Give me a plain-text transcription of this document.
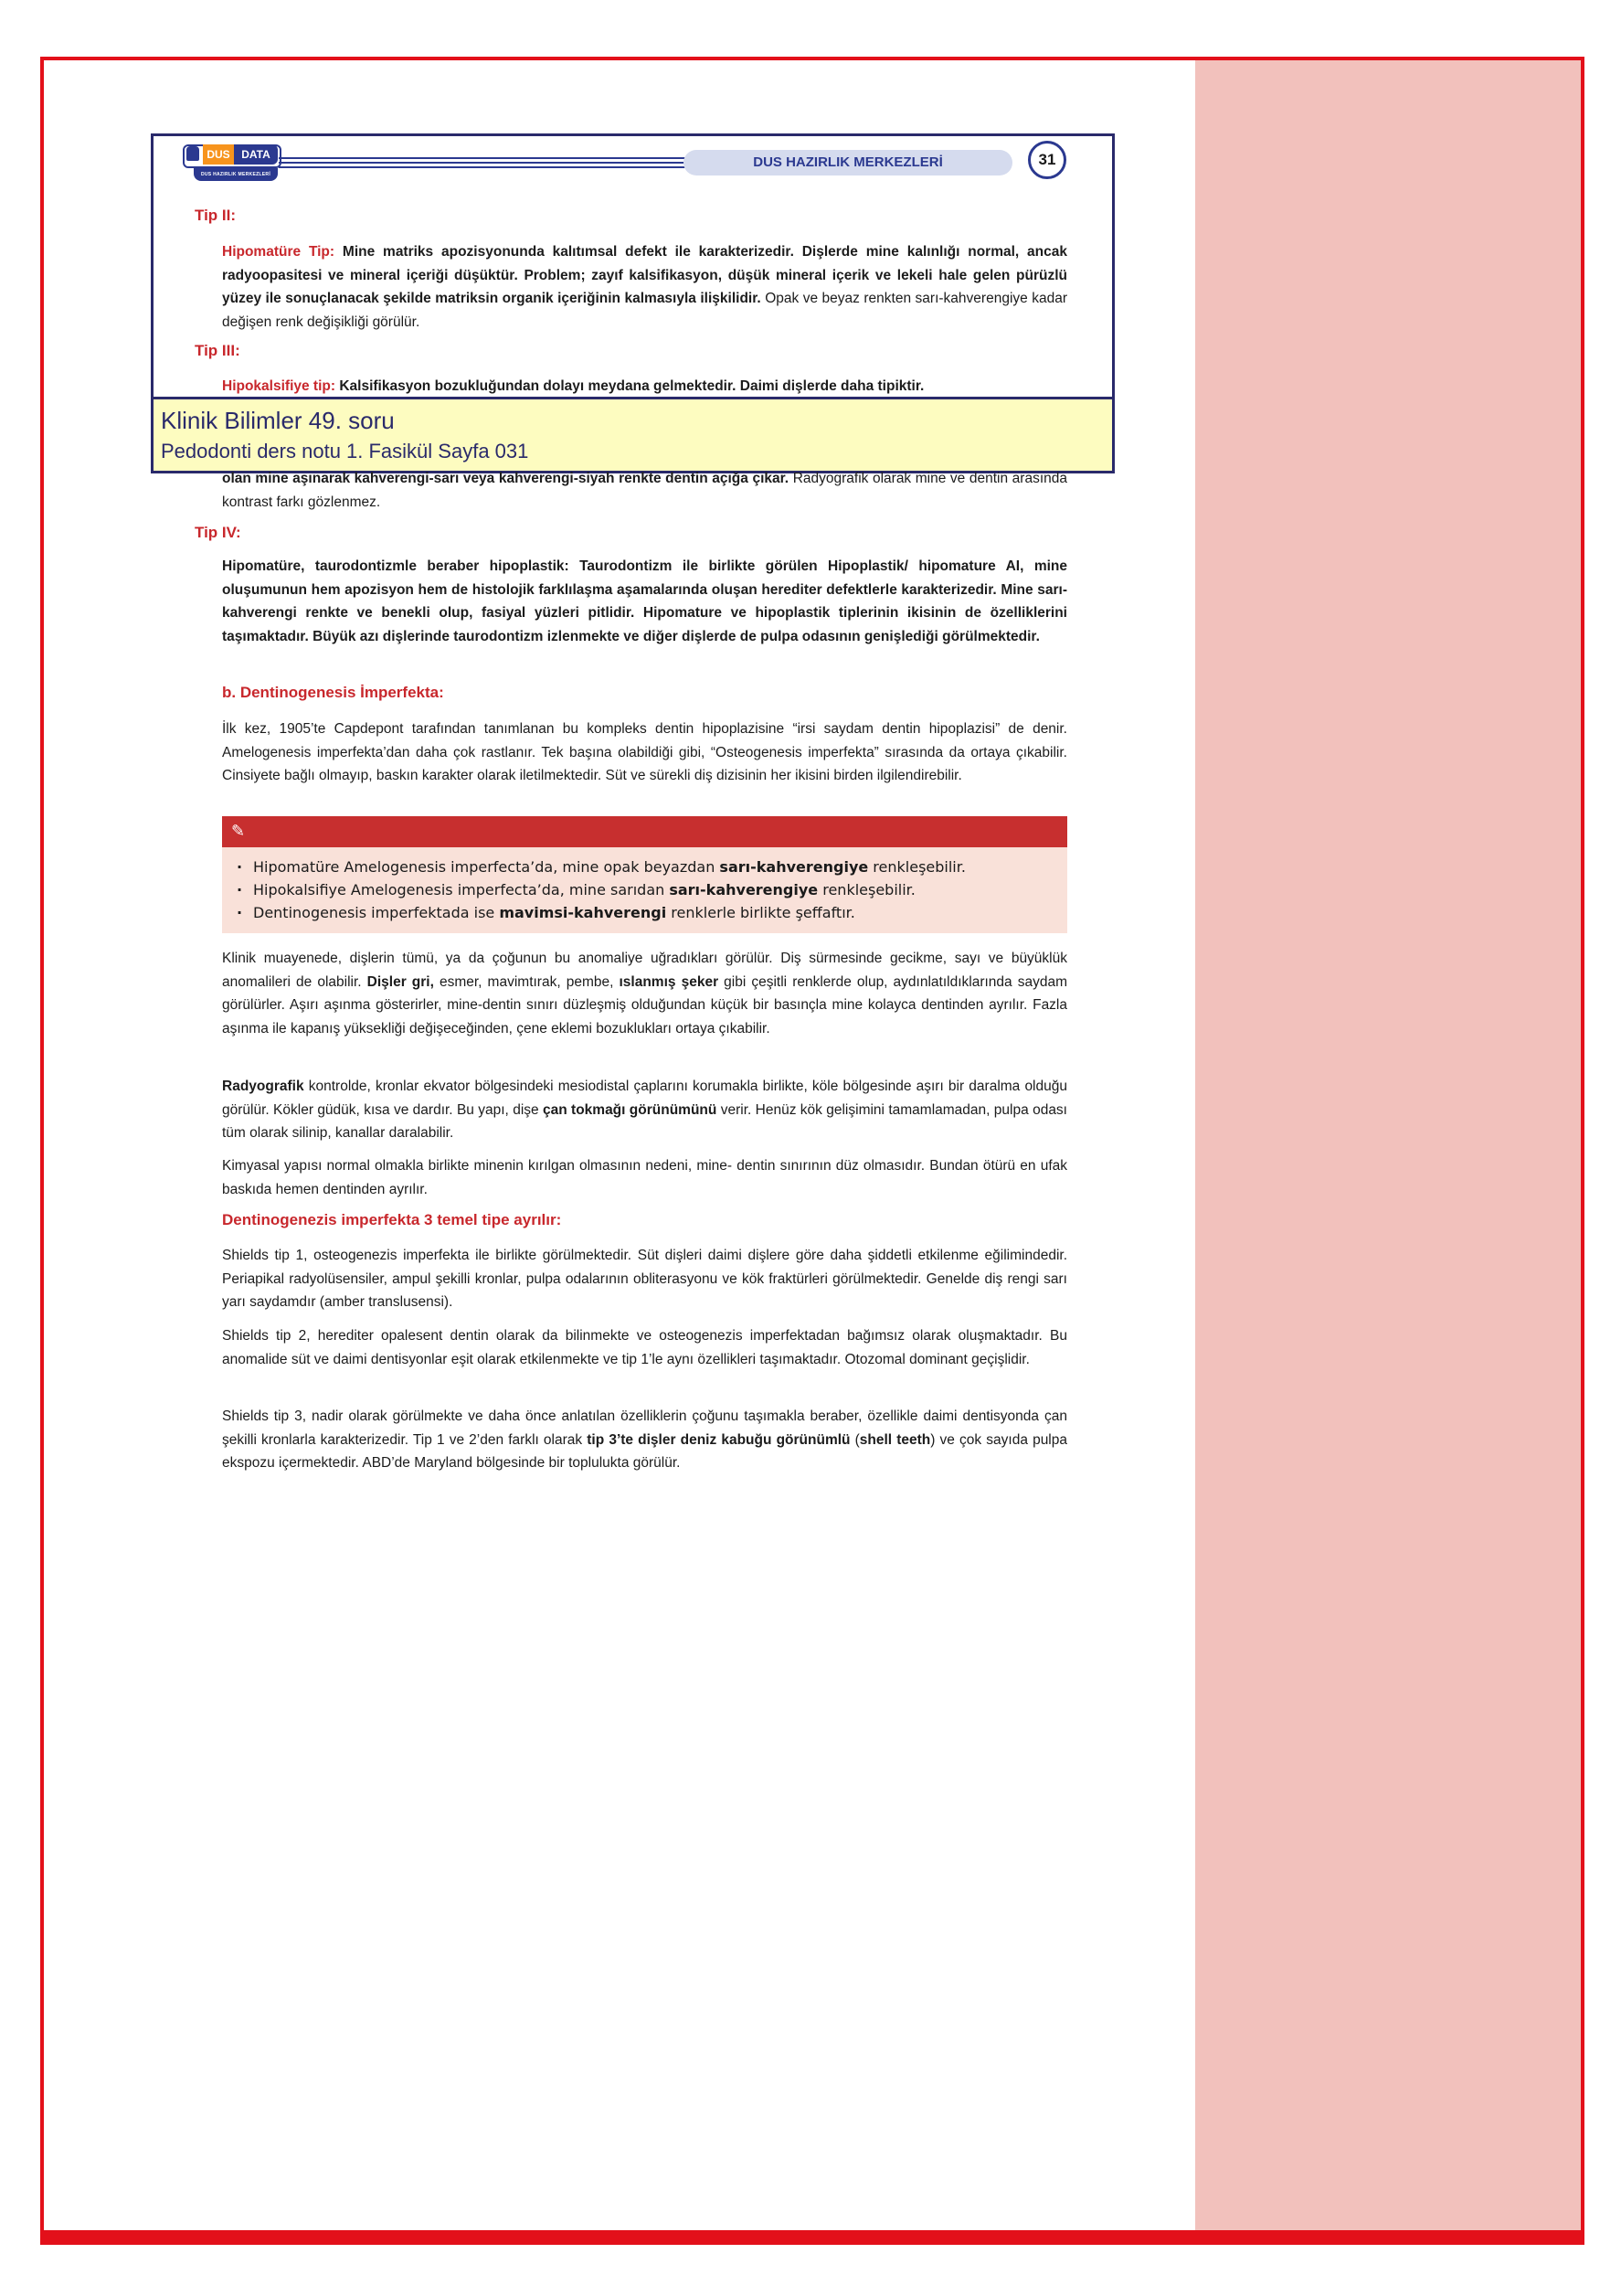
DUS	DATA
DUS HAZIRLIK MERKEZLERİ
DUS HAZIRLIK MERKEZLERİ	31
Tip II:
Hipomatüre Tip: Mine matriks apozisyonunda kalıtımsal defekt ile karakterizedir. Dişlerde mine kalınlığı normal, ancak radyoopasitesi ve mineral içeriği düşüktür. Problem; zayıf kalsifikasyon, düşük mineral içerik ve lekeli hale gelen pürüzlü yüzey ile sonuçlanacak şekilde matriksin organik içeriğinin kalmasıyla ilişkilidir. Opak ve beyaz renkten sarı-kahverengiye kadar değişen renk değişikliği görülür.
Tip III:
Hipokalsifiye tip: Kalsifikasyon bozukluğundan dolayı meydana gelmektedir. Daimi dişlerde daha tipiktir.
Klinik Bilimler 49. soru
Pedodonti ders notu 1. Fasikül Sayfa 031
olan mine aşınarak kahverengi-sarı veya kahverengi-siyah renkte dentin açığa çıkar. Radyografik olarak mine ve dentin arasında kontrast farkı gözlenmez.
Tip IV:
Hipomatüre, taurodontizmle beraber hipoplastik: Taurodontizm ile birlikte görülen Hipoplastik/ hipomature AI, mine oluşumunun hem apozisyon hem de histolojik farklılaşma aşamalarında oluşan herediter defektlerle karakterizedir. Mine sarı-kahverengi renkte ve benekli olup, fasiyal yüzleri pitlidir. Hipomature ve hipoplastik tiplerinin ikisinin de özelliklerini taşımaktadır. Büyük azı dişlerinde taurodontizm izlenmekte ve diğer dişlerde de pulpa odasının genişlediği görülmektedir.
b. Dentinogenesis İmperfekta:
İlk kez, 1905’te Capdepont tarafından tanımlanan bu kompleks dentin hipoplazisine “irsi saydam dentin hipoplazisi” de denir. Amelogenesis imperfekta’dan daha çok rastlanır. Tek başına olabildiği gibi, “Osteogenesis imperfekta” sırasında da ortaya çıkabilir. Cinsiyete bağlı olmayıp, baskın karakter olarak iletilmektedir. Süt ve sürekli diş dizisinin her ikisini birden ilgilendirebilir.
✎
· Hipomatüre Amelogenesis imperfecta’da, mine opak beyazdan sarı-kahverengiye renkleşebilir.
· Hipokalsifiye Amelogenesis imperfecta’da, mine sarıdan sarı-kahverengiye renkleşebilir.
· Dentinogenesis imperfektada ise mavimsi-kahverengi renklerle birlikte şeffaftır.
Klinik muayenede, dişlerin tümü, ya da çoğunun bu anomaliye uğradıkları görülür. Diş sürmesinde gecikme, sayı ve büyüklük anomalileri de olabilir. Dişler gri, esmer, mavimtırak, pembe, ıslanmış şeker gibi çeşitli renklerde olup, aydınlatıldıklarında saydam görülürler. Aşırı aşınma gösterirler, mine-dentin sınırı düzleşmiş olduğundan küçük bir basınçla mine kolayca dentinden ayrılır. Fazla aşınma ile kapanış yüksekliği değişeceğinden, çene eklemi bozuklukları ortaya çıkabilir.
Radyografik kontrolde, kronlar ekvator bölgesindeki mesiodistal çaplarını korumakla birlikte, köle bölgesinde aşırı bir daralma olduğu görülür. Kökler güdük, kısa ve dardır. Bu yapı, dişe çan tokmağı görünümünü verir. Henüz kök gelişimini tamamlamadan, pulpa odası tüm olarak silinip, kanallar daralabilir.
Kimyasal yapısı normal olmakla birlikte minenin kırılgan olmasının nedeni, mine- dentin sınırının düz olmasıdır. Bundan ötürü en ufak baskıda hemen dentinden ayrılır.
Dentinogenezis imperfekta 3 temel tipe ayrılır:
Shields tip 1, osteogenezis imperfekta ile birlikte görülmektedir. Süt dişleri daimi dişlere göre daha şiddetli etkilenme eğilimindedir. Periapikal radyolüsensiler, ampul şekilli kronlar, pulpa odalarının obliterasyonu ve kök fraktürleri görülmektedir. Genelde diş rengi sarı yarı saydamdır (amber translusensi).
Shields tip 2, herediter opalesent dentin olarak da bilinmekte ve osteogenezis imperfektadan bağımsız olarak oluşmaktadır. Bu anomalide süt ve daimi dentisyonlar eşit olarak etkilenmekte ve tip 1’le aynı özellikleri taşımaktadır. Otozomal dominant geçişlidir.
Shields tip 3, nadir olarak görülmekte ve daha önce anlatılan özelliklerin çoğunu taşımakla beraber, özellikle daimi dentisyonda çan şekilli kronlarla karakterizedir. Tip 1 ve 2’den farklı olarak tip 3’te dişler deniz kabuğu görünümlü (shell teeth) ve çok sayıda pulpa ekspozu içermektedir. ABD’de Maryland bölgesinde bir toplulukta görülür.
